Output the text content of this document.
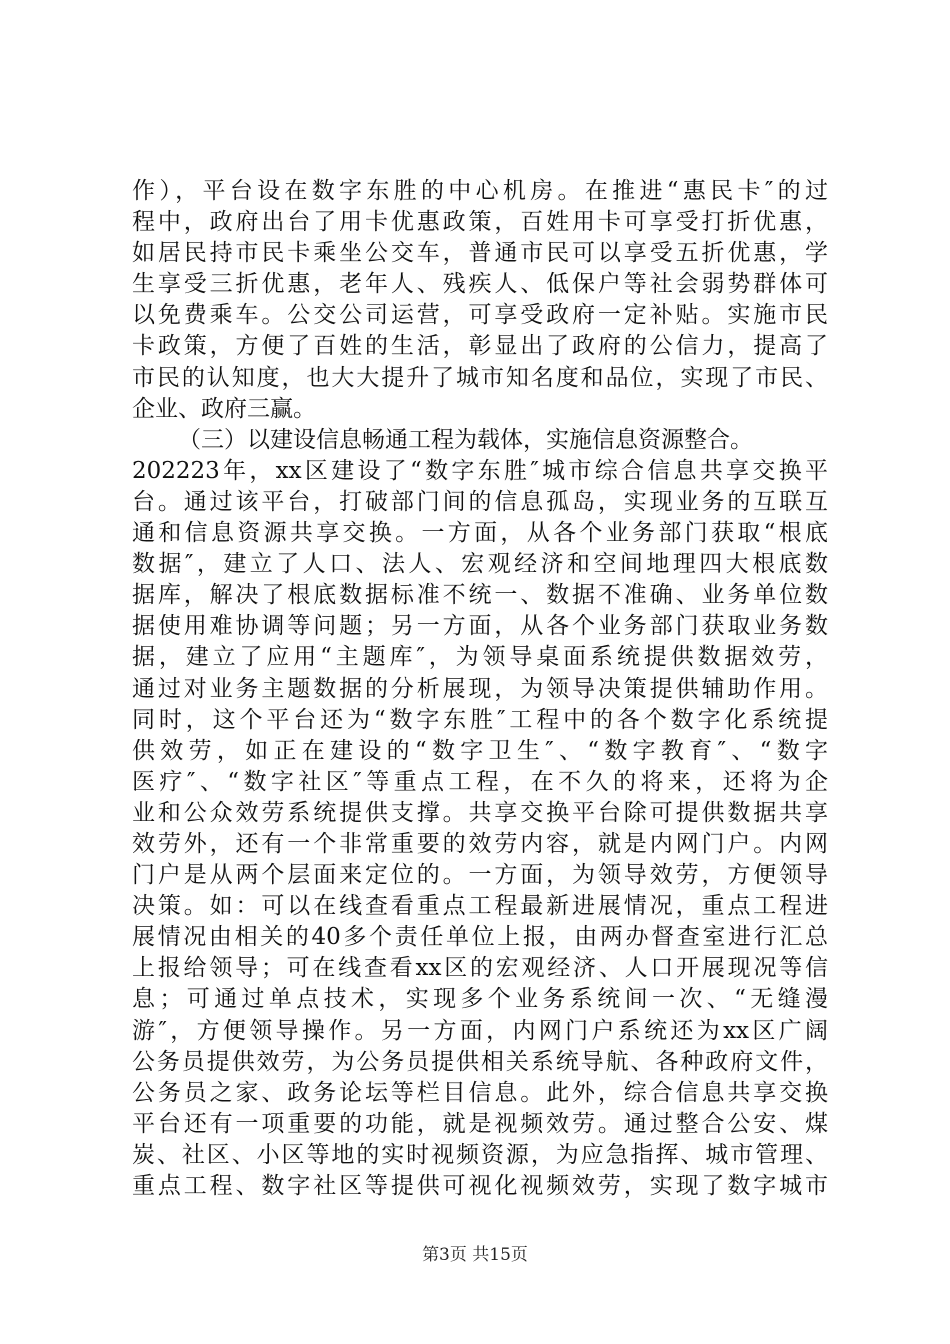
作），平台设在数字东胜的中心机房。在推进“惠民卡″的过
程中，政府出台了用卡优惠政策，百姓用卡可享受打折优惠，
如居民持市民卡乘坐公交车，普通市民可以享受五折优惠，学
生享受三折优惠，老年人、残疾人、低保户等社会弱势群体可
以免费乘车。公交公司运营，可享受政府一定补贴。实施市民
卡政策，方便了百姓的生活，彰显出了政府的公信力，提高了
市民的认知度，也大大提升了城市知名度和品位，实现了市民、
企业、政府三赢。
（三）以建设信息畅通工程为载体，实施信息资源整合。
202223年，xx区建设了“数字东胜″城市综合信息共享交换平
台。通过该平台，打破部门间的信息孤岛，实现业务的互联互
通和信息资源共享交换。一方面，从各个业务部门获取“根底
数据″，建立了人口、法人、宏观经济和空间地理四大根底数
据库，解决了根底数据标准不统一、数据不准确、业务单位数
据使用难协调等问题；另一方面，从各个业务部门获取业务数
据，建立了应用“主题库″，为领导桌面系统提供数据效劳，
通过对业务主题数据的分析展现，为领导决策提供辅助作用。
同时，这个平台还为“数字东胜″工程中的各个数字化系统提
供效劳，如正在建设的“数字卫生″、“数字教育″、“数字
医疗″、“数字社区″等重点工程，在不久的将来，还将为企
业和公众效劳系统提供支撑。共享交换平台除可提供数据共享
效劳外，还有一个非常重要的效劳内容，就是内网门户。内网
门户是从两个层面来定位的。一方面，为领导效劳，方便领导
决策。如：可以在线查看重点工程最新进展情况，重点工程进
展情况由相关的40多个责任单位上报，由两办督查室进行汇总
上报给领导；可在线查看xx区的宏观经济、人口开展现况等信
息；可通过单点技术，实现多个业务系统间一次、“无缝漫
游″，方便领导操作。另一方面，内网门户系统还为xx区广阔
公务员提供效劳，为公务员提供相关系统导航、各种政府文件，
公务员之家、政务论坛等栏目信息。此外，综合信息共享交换
平台还有一项重要的功能，就是视频效劳。通过整合公安、煤
炭、社区、小区等地的实时视频资源，为应急指挥、城市管理、
重点工程、数字社区等提供可视化视频效劳，实现了数字城市
第3页 共15页
